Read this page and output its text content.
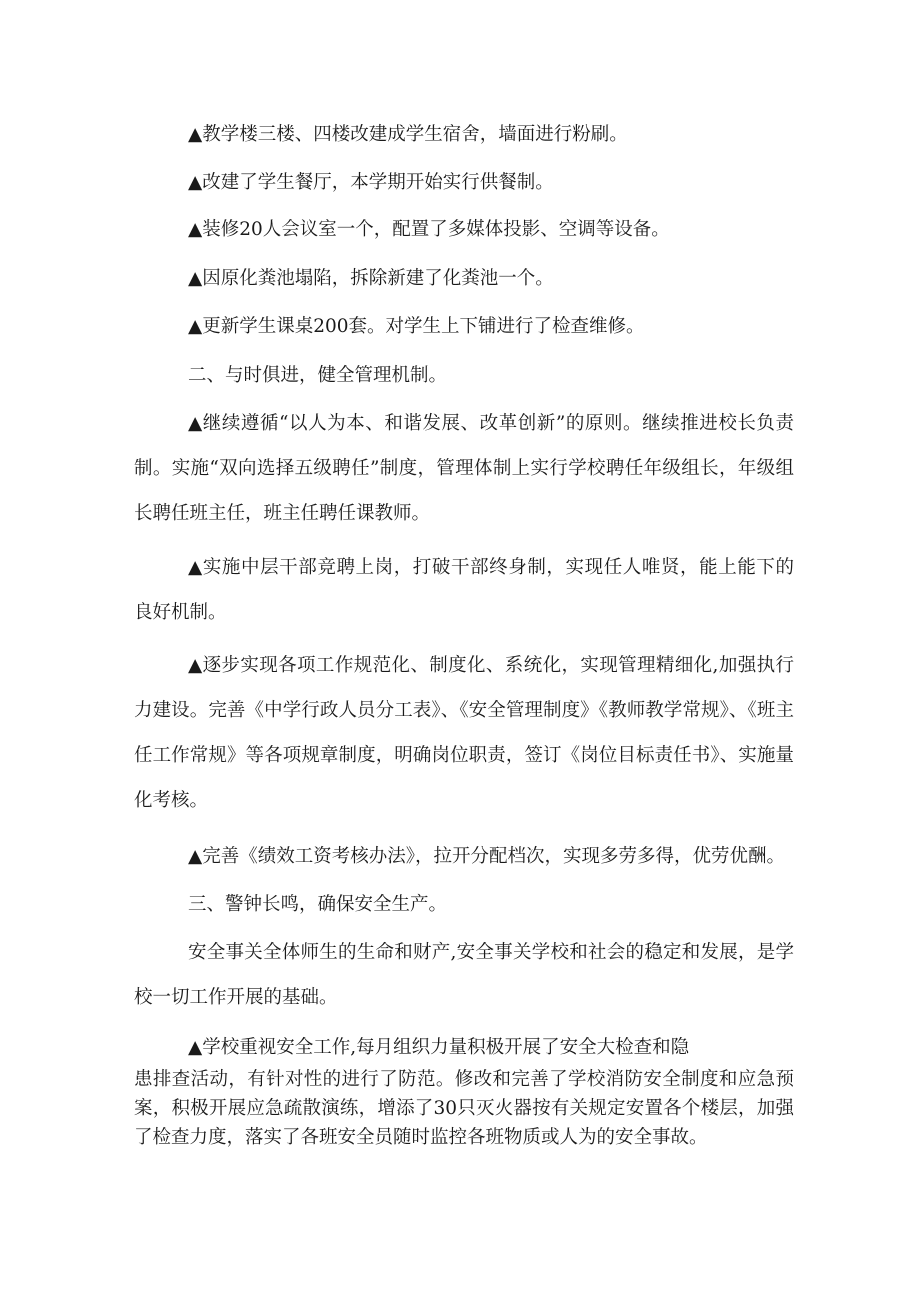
▲教学楼三楼、四楼改建成学生宿舍，墙面进行粉刷。

▲改建了学生餐厅，本学期开始实行供餐制。

▲装修20人会议室一个，配置了多媒体投影、空调等设备。

▲因原化粪池塌陷，拆除新建了化粪池一个。

▲更新学生课桌200套。对学生上下铺进行了检查维修。

二、与时俱进，健全管理机制。

▲继续遵循“以人为本、和谐发展、改革创新”的原则。继续推进校长负责制。实施“双向选择五级聘任”制度，管理体制上实行学校聘任年级组长，年级组长聘任班主任，班主任聘任课教师。

▲实施中层干部竞聘上岗，打破干部终身制，实现任人唯贤，能上能下的良好机制。

▲逐步实现各项工作规范化、制度化、系统化，实现管理精细化,加强执行力建设。完善《中学行政人员分工表》、《安全管理制度》《教师教学常规》、《班主任工作常规》等各项规章制度，明确岗位职责，签订《岗位目标责任书》、实施量化考核。

▲完善《绩效工资考核办法》，拉开分配档次，实现多劳多得，优劳优酬。

三、警钟长鸣，确保安全生产。

安全事关全体师生的生命和财产,安全事关学校和社会的稳定和发展，是学校一切工作开展的基础。

▲学校重视安全工作,每月组织力量积极开展了安全大检查和隐

患排查活动，有针对性的进行了防范。修改和完善了学校消防安全制度和应急预案，积极开展应急疏散演练，增添了30只灭火器按有关规定安置各个楼层，加强了检查力度，落实了各班安全员随时监控各班物质或人为的安全事故。
